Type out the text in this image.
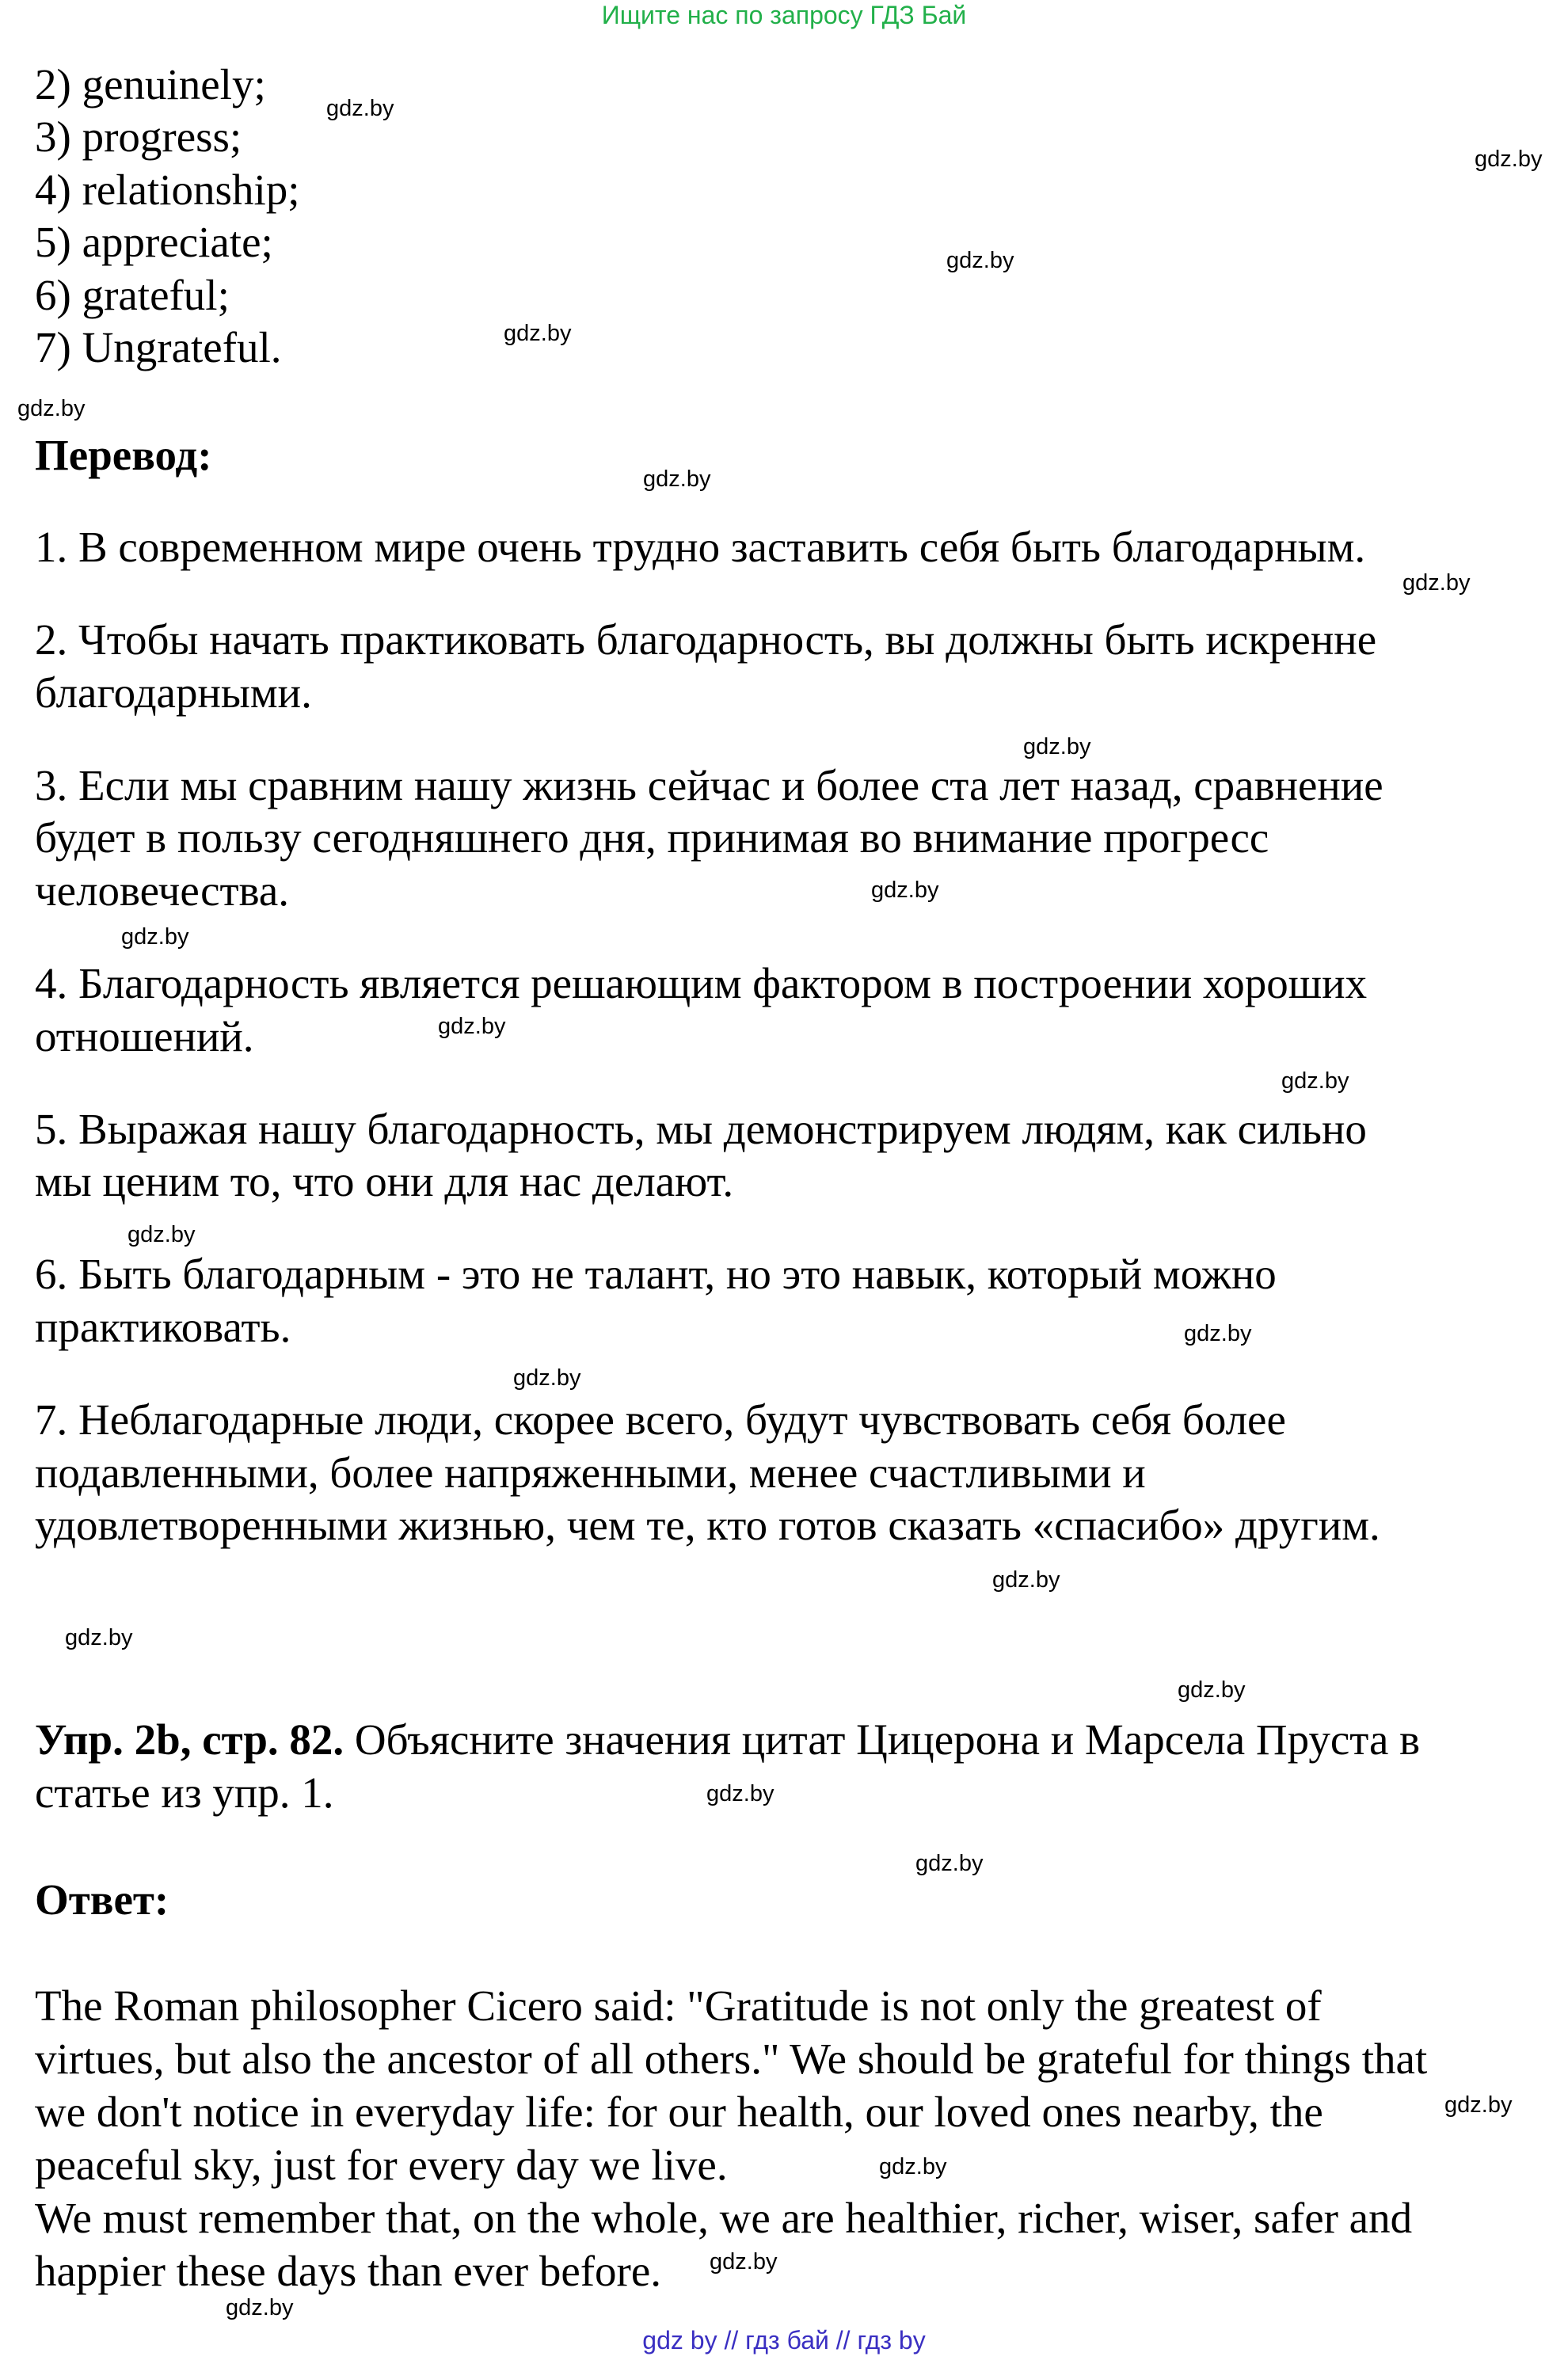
Ищите нас по запросу ГДЗ Бай
2) genuinely;
3) progress;
4) relationship;
5) appreciate;
6) grateful;
7) Ungrateful.
Перевод:
1. В современном мире очень трудно заставить себя быть благодарным.
2. Чтобы начать практиковать благодарность, вы должны быть искренне
благодарными.
3. Если мы сравним нашу жизнь сейчас и более ста лет назад, сравнение
будет в пользу сегодняшнего дня, принимая во внимание прогресс
человечества.
4. Благодарность является решающим фактором в построении хороших
отношений.
5. Выражая нашу благодарность, мы демонстрируем людям, как сильно
мы ценим то, что они для нас делают.
6. Быть благодарным - это не талант, но это навык, который можно
практиковать.
7. Неблагодарные люди, скорее всего, будут чувствовать себя более
подавленными, более напряженными, менее счастливыми и
удовлетворенными жизнью, чем те, кто готов сказать «спасибо» другим.
Упр. 2b, стр. 82. Объясните значения цитат Цицерона и Марсела Пруста в
статье из упр. 1.
Ответ:
The Roman philosopher Cicero said: "Gratitude is not only the greatest of
virtues, but also the ancestor of all others." We should be grateful for things that
we don't notice in everyday life: for our health, our loved ones nearby, the
peaceful sky, just for every day we live.
We must remember that, on the whole, we are healthier, richer, wiser, safer and
happier these days than ever before.
gdz.by
gdz.by
gdz.by
gdz.by
gdz.by
gdz.by
gdz.by
gdz.by
gdz.by
gdz.by
gdz.by
gdz.by
gdz.by
gdz.by
gdz.by
gdz.by
gdz.by
gdz.by
gdz.by
gdz.by
gdz.by
gdz.by
gdz.by
gdz.by
gdz by // гдз бай // гдз by
